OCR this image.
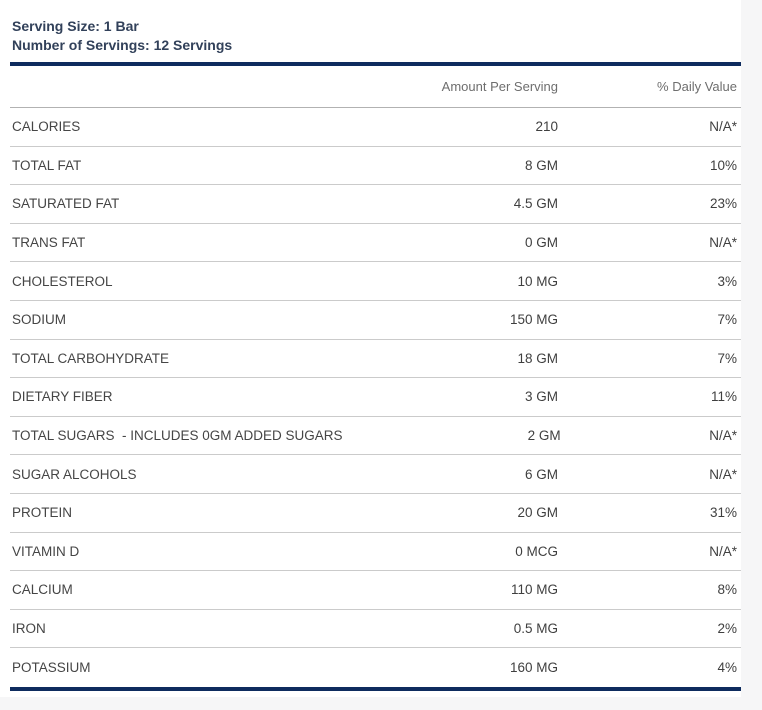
Serving Size: 1 Bar
Number of Servings: 12 Servings
Amount Per Serving	% Daily Value
CALORIES	210	N/A*
TOTAL FAT	8 GM	10%
SATURATED FAT	4.5 GM	23%
TRANS FAT	0 GM	N/A*
CHOLESTEROL	10 MG	3%
SODIUM	150 MG	7%
TOTAL CARBOHYDRATE	18 GM	7%
DIETARY FIBER	3 GM	11%
TOTAL SUGARS  - INCLUDES 0GM ADDED SUGARS	2 GM	N/A*
SUGAR ALCOHOLS	6 GM	N/A*
PROTEIN	20 GM	31%
VITAMIN D	0 MCG	N/A*
CALCIUM	110 MG	8%
IRON	0.5 MG	2%
POTASSIUM	160 MG	4%
